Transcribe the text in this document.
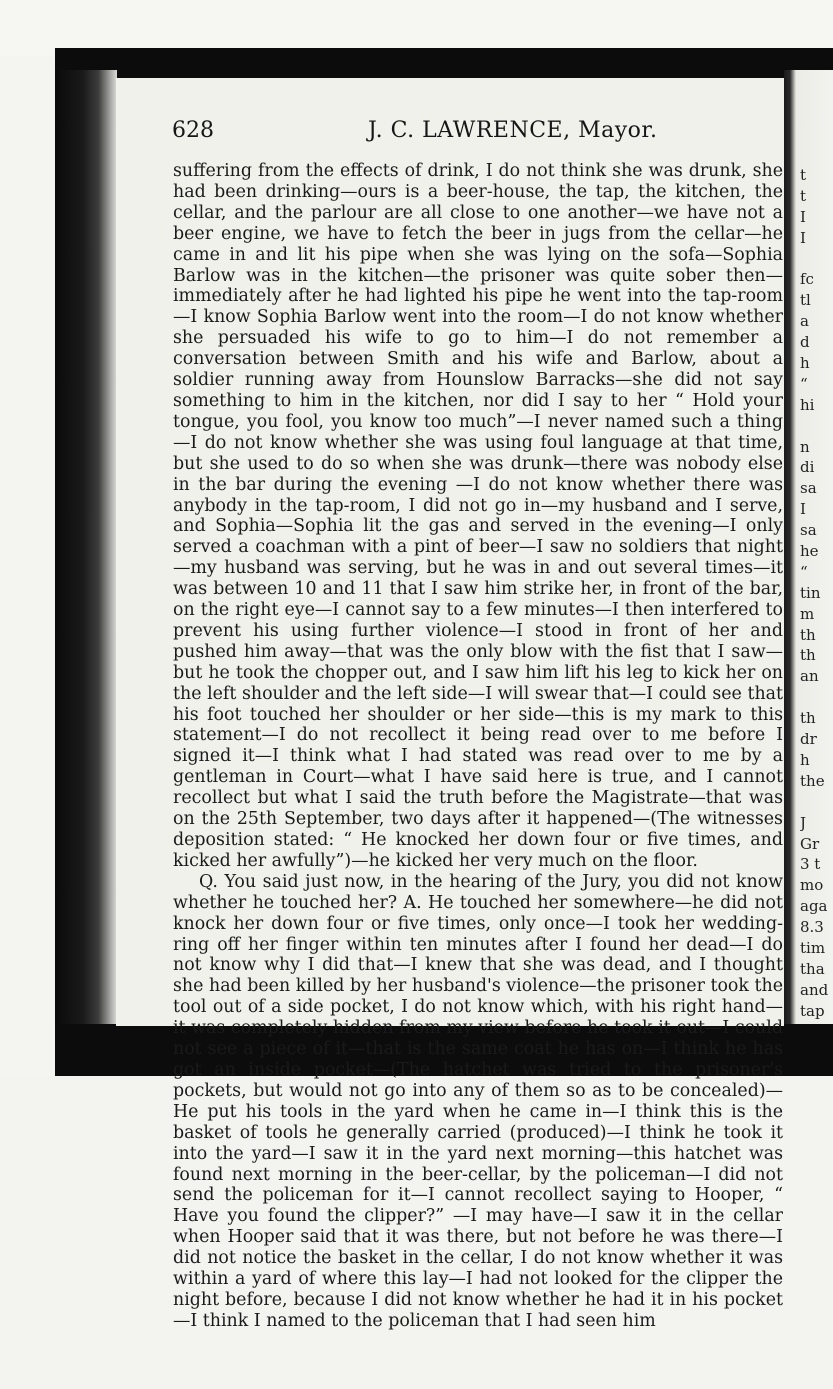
t
t
I
I
fc
tl
a
d
h
“
hi
n
di
sa
I
sa
he
“
tin
m
th
th
an
th
dr
h
the
J
Gr
3 t
mo
aga
8.3
tim
tha
and
tap
628	J. C. LAWRENCE, Mayor.

suffering from the effects of drink, I do not think she was drunk, she had been drinking—ours is a beer-house, the tap, the kitchen, the cellar, and the parlour are all close to one another—we have not a beer engine, we have to fetch the beer in jugs from the cellar—he came in and lit his pipe when she was lying on the sofa—Sophia Barlow was in the kitchen—the prisoner was quite sober then—immediately after he had lighted his pipe he went into the tap-room—I know Sophia Barlow went into the room—I do not know whether she persuaded his wife to go to him—I do not remember a conversation between Smith and his wife and Barlow, about a soldier running away from Hounslow Barracks—she did not say something to him in the kitchen, nor did I say to her “ Hold your tongue, you fool, you know too much”—I never named such a thing—I do not know whether she was using foul language at that time, but she used to do so when she was drunk—there was nobody else in the bar during the evening —I do not know whether there was anybody in the tap-room, I did not go in—my husband and I serve, and Sophia—Sophia lit the gas and served in the evening—I only served a coachman with a pint of beer—I saw no soldiers that night—my husband was serving, but he was in and out several times—it was between 10 and 11 that I saw him strike her, in front of the bar, on the right eye—I cannot say to a few minutes—I then interfered to prevent his using further violence—I stood in front of her and pushed him away—that was the only blow with the fist that I saw—but he took the chopper out, and I saw him lift his leg to kick her on the left shoulder and the left side—I will swear that—I could see that his foot touched her shoulder or her side—this is my mark to this statement—I do not recollect it being read over to me before I signed it—I think what I had stated was read over to me by a gentleman in Court—what I have said here is true, and I cannot recollect but what I said the truth before the Magistrate—that was on the 25th September, two days after it happened—(The witnesses deposition stated: “ He knocked her down four or five times, and kicked her awfully”)—he kicked her very much on the floor.

Q. You said just now, in the hearing of the Jury, you did not know whether he touched her? A. He touched her somewhere—he did not knock her down four or five times, only once—I took her wedding-ring off her finger within ten minutes after I found her dead—I do not know why I did that—I knew that she was dead, and I thought she had been killed by her husband's violence—the prisoner took the tool out of a side pocket, I do not know which, with his right hand—it was completely hidden from my view before he took it out—I could not see a piece of it—that is the same coat he has on—I think he has got an inside pocket—(The hatchet was tried to the prisoner's pockets, but would not go into any of them so as to be concealed)—He put his tools in the yard when he came in—I think this is the basket of tools he generally carried (produced)—I think he took it into the yard—I saw it in the yard next morning—this hatchet was found next morning in the beer-cellar, by the policeman—I did not send the policeman for it—I cannot recollect saying to Hooper, “ Have you found the clipper?” —I may have—I saw it in the cellar when Hooper said that it was there, but not before he was there—I did not notice the basket in the cellar, I do not know whether it was within a yard of where this lay—I had not looked for the clipper the night before, because I did not know whether he had it in his pocket—I think I named to the policeman that I had seen him
